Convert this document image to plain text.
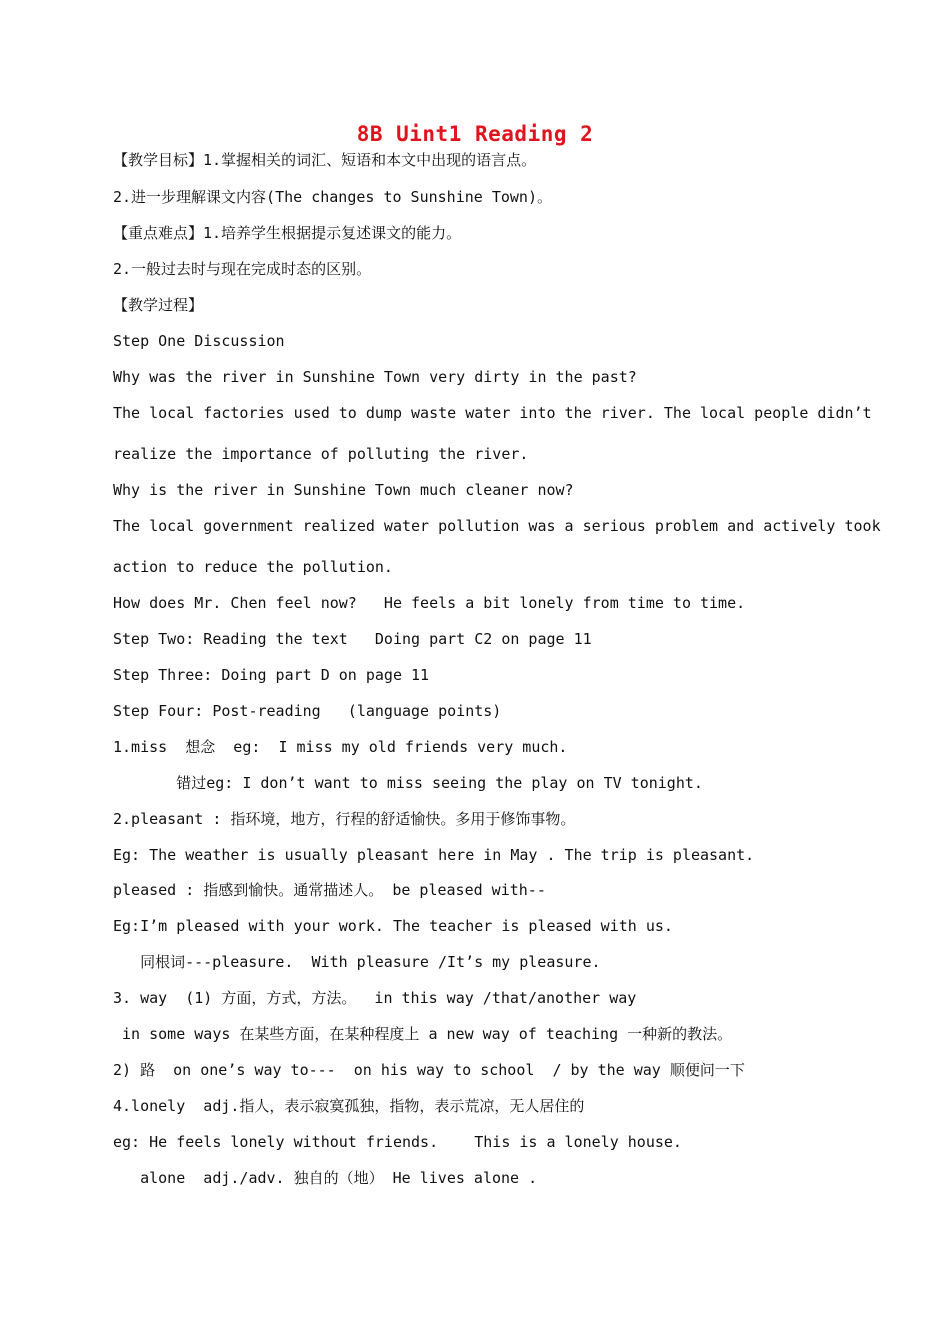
8B Uint1 Reading 2
【教学目标】1.掌握相关的词汇、短语和本文中出现的语言点。
2.进一步理解课文内容(The changes to Sunshine Town)。
【重点难点】1.培养学生根据提示复述课文的能力。
2.一般过去时与现在完成时态的区别。
【教学过程】
Step One Discussion
Why was the river in Sunshine Town very dirty in the past?
The local factories used to dump waste water into the river. The local people didn’t
realize the importance of polluting the river.
Why is the river in Sunshine Town much cleaner now?
The local government realized water pollution was a serious problem and actively took
action to reduce the pollution.
How does Mr. Chen feel now?   He feels a bit lonely from time to time.
Step Two: Reading the text   Doing part C2 on page 11
Step Three: Doing part D on page 11
Step Four: Post-reading   (language points)
1.miss  想念  eg:  I miss my old friends very much.
错过eg: I don’t want to miss seeing the play on TV tonight.
2.pleasant : 指环境，地方，行程的舒适愉快。多用于修饰事物。
Eg: The weather is usually pleasant here in May . The trip is pleasant.
pleased : 指感到愉快。通常描述人。 be pleased with--
Eg:I’m pleased with your work. The teacher is pleased with us.
同根词---pleasure.  With pleasure /It’s my pleasure.
3. way  (1) 方面，方式，方法。  in this way /that/another way
in some ways 在某些方面，在某种程度上 a new way of teaching 一种新的教法。
2) 路  on one’s way to---  on his way to school  / by the way 顺便问一下
4.lonely  adj.指人，表示寂寞孤独，指物，表示荒凉，无人居住的
eg: He feels lonely without friends.    This is a lonely house.
alone  adj./adv. 独自的（地） He lives alone .
